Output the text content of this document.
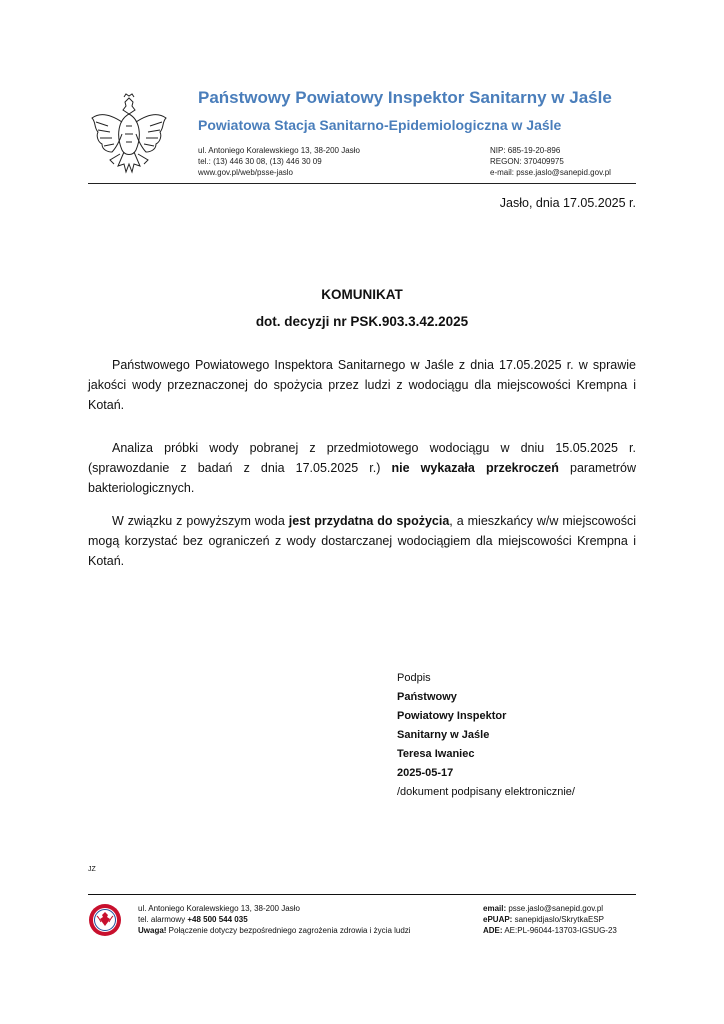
Państwowy Powiatowy Inspektor Sanitarny w Jaśle
Powiatowa Stacja Sanitarno-Epidemiologiczna w Jaśle
ul. Antoniego Koralewskiego 13, 38-200 Jasło
tel.: (13) 446 30 08, (13) 446 30 09
www.gov.pl/web/psse-jaslo
NIP: 685-19-20-896
REGON: 370409975
e-mail: psse.jaslo@sanepid.gov.pl
Jasło, dnia 17.05.2025 r.
KOMUNIKAT
dot. decyzji nr PSK.903.3.42.2025
Państwowego Powiatowego Inspektora Sanitarnego w Jaśle z dnia 17.05.2025 r. w sprawie jakości wody przeznaczonej do spożycia przez ludzi z wodociągu dla miejscowości Krempna i Kotań.
Analiza próbki wody pobranej z przedmiotowego wodociągu w dniu 15.05.2025 r. (sprawozdanie z badań z dnia 17.05.2025 r.) nie wykazała przekroczeń parametrów bakteriologicznych.
W związku z powyższym woda jest przydatna do spożycia, a mieszkańcy w/w miejscowości mogą korzystać bez ograniczeń z wody dostarczanej wodociągiem dla miejscowości Krempna i Kotań.
Podpis
Państwowy
Powiatowy Inspektor
Sanitarny w Jaśle
Teresa Iwaniec
2025-05-17
/dokument podpisany elektronicznie/
JZ
ul. Antoniego Koralewskiego 13, 38-200 Jasło
tel. alarmowy +48 500 544 035
Uwaga! Połączenie dotyczy bezpośredniego zagrożenia zdrowia i życia ludzi
email: psse.jaslo@sanepid.gov.pl
ePUAP: sanepidjaslo/SkrytkaESP
ADE: AE:PL-96044-13703-IGSUG-23
